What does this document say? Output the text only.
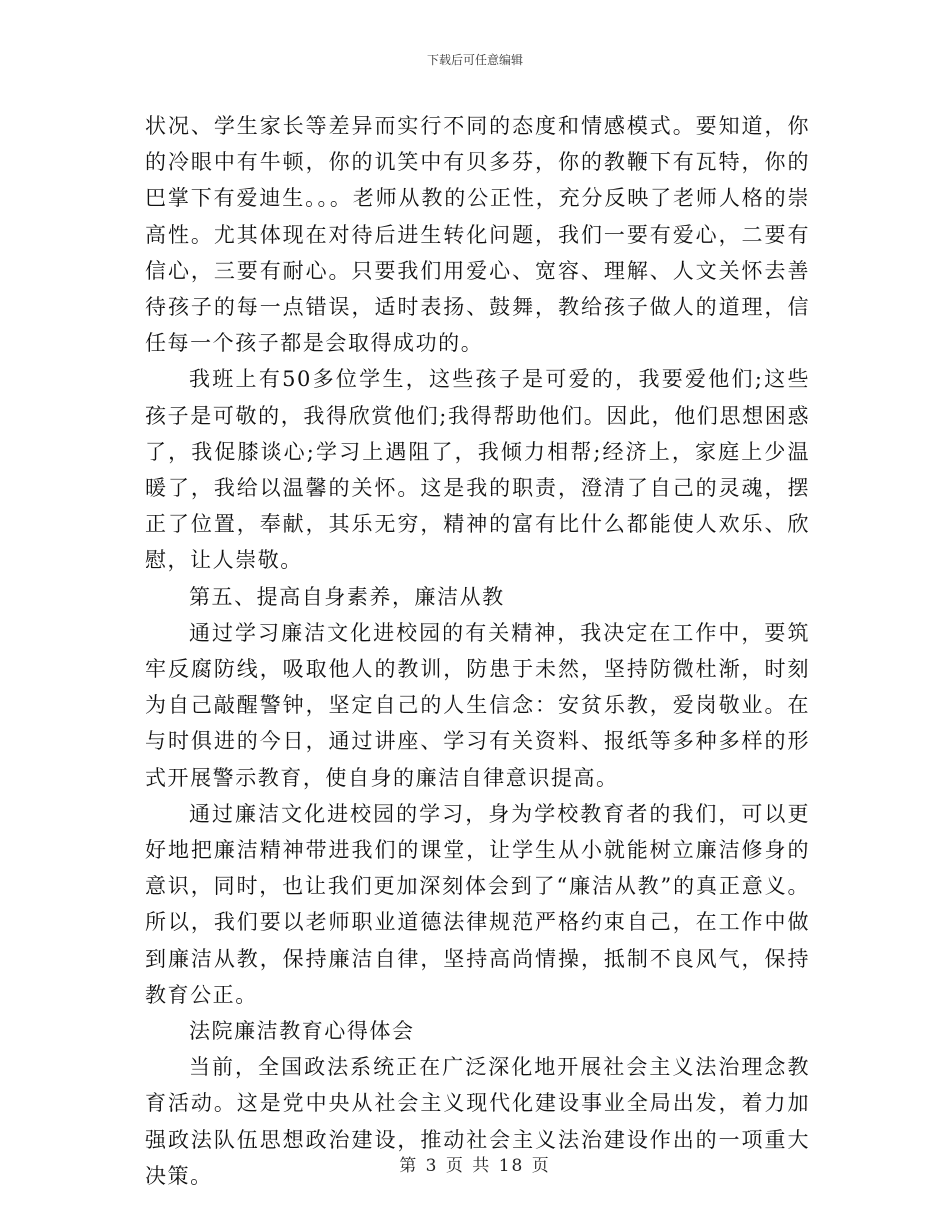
下载后可任意编辑

状况、学生家长等差异而实行不同的态度和情感模式。要知道，你的冷眼中有牛顿，你的讥笑中有贝多芬，你的教鞭下有瓦特，你的巴掌下有爱迪生。。。老师从教的公正性，充分反映了老师人格的崇高性。尤其体现在对待后进生转化问题，我们一要有爱心，二要有信心，三要有耐心。只要我们用爱心、宽容、理解、人文关怀去善待孩子的每一点错误，适时表扬、鼓舞，教给孩子做人的道理，信任每一个孩子都是会取得成功的。

我班上有50多位学生，这些孩子是可爱的，我要爱他们;这些孩子是可敬的，我得欣赏他们;我得帮助他们。因此，他们思想困惑了，我促膝谈心;学习上遇阻了，我倾力相帮;经济上，家庭上少温暖了，我给以温馨的关怀。这是我的职责，澄清了自己的灵魂，摆正了位置，奉献，其乐无穷，精神的富有比什么都能使人欢乐、欣慰，让人崇敬。

第五、提高自身素养，廉洁从教

通过学习廉洁文化进校园的有关精神，我决定在工作中，要筑牢反腐防线，吸取他人的教训，防患于未然，坚持防微杜渐，时刻为自己敲醒警钟，坚定自己的人生信念：安贫乐教，爱岗敬业。在与时俱进的今日，通过讲座、学习有关资料、报纸等多种多样的形式开展警示教育，使自身的廉洁自律意识提高。

通过廉洁文化进校园的学习，身为学校教育者的我们，可以更好地把廉洁精神带进我们的课堂，让学生从小就能树立廉洁修身的意识，同时，也让我们更加深刻体会到了“廉洁从教”的真正意义。所以，我们要以老师职业道德法律规范严格约束自己，在工作中做到廉洁从教，保持廉洁自律，坚持高尚情操，抵制不良风气，保持教育公正。

法院廉洁教育心得体会

当前，全国政法系统正在广泛深化地开展社会主义法治理念教育活动。这是党中央从社会主义现代化建设事业全局出发，着力加强政法队伍思想政治建设，推动社会主义法治建设作出的一项重大决策。	第 3 页 共 18 页
